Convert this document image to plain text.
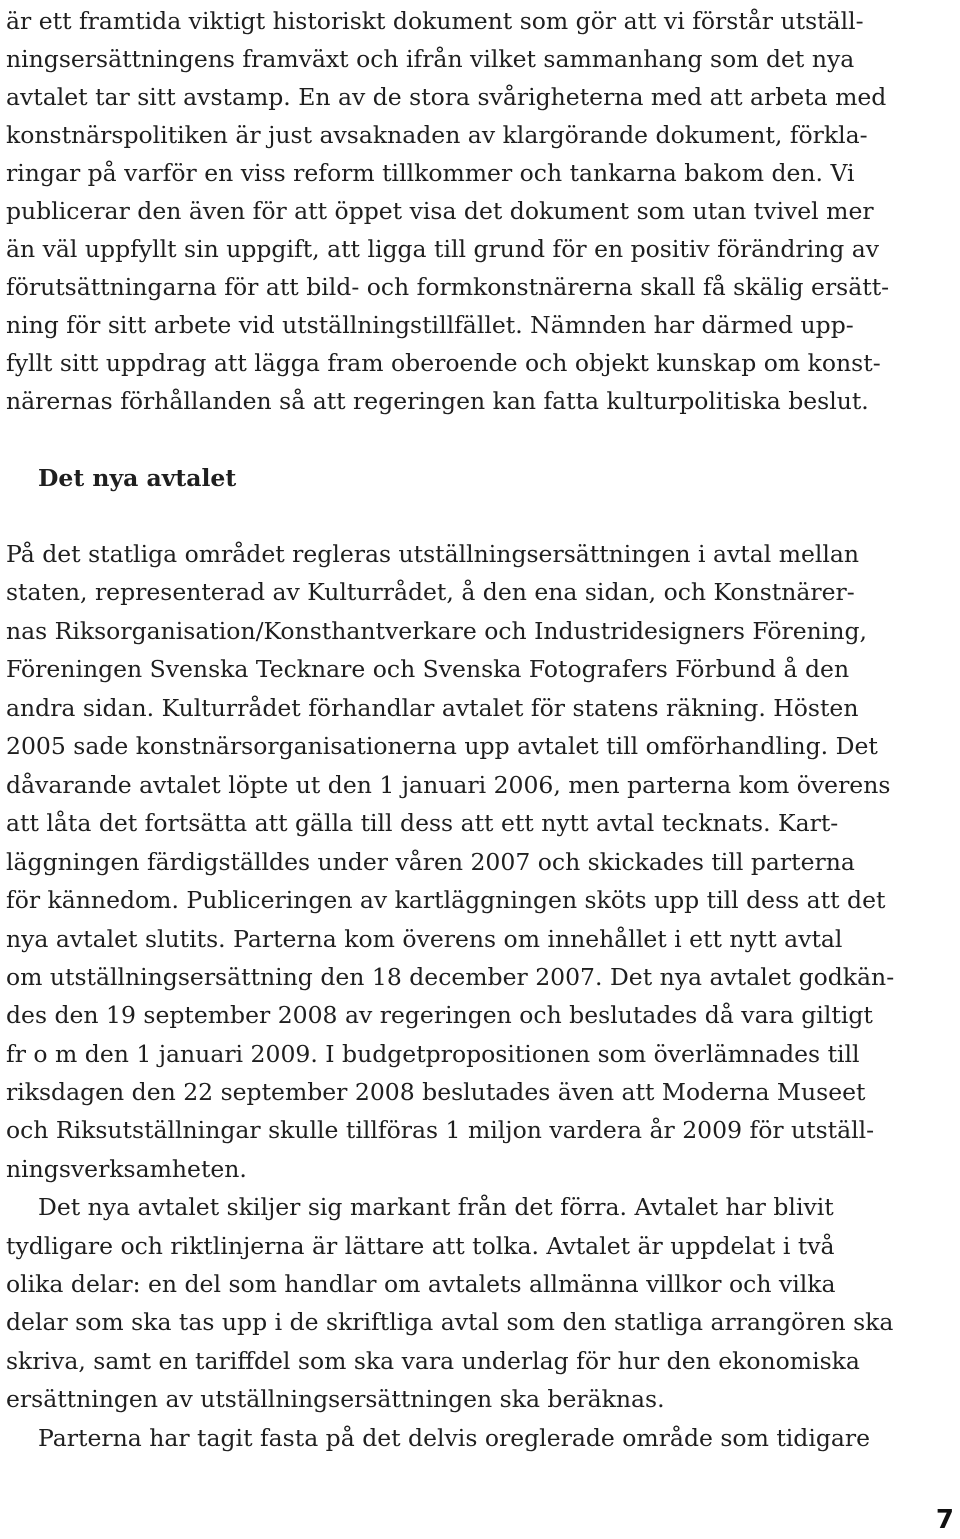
är ett framtida viktigt historiskt dokument som gör att vi förstår utställ-
ningsersättningens framväxt och ifrån vilket sammanhang som det nya
avtalet tar sitt avstamp. En av de stora svårigheterna med att arbeta med
konstnärspolitiken är just avsaknaden av klargörande dokument, förkla-
ringar på varför en viss reform tillkommer och tankarna bakom den. Vi
publicerar den även för att öppet visa det dokument som utan tvivel mer
än väl uppfyllt sin uppgift, att ligga till grund för en positiv förändring av
förutsättningarna för att bild- och formkonstnärerna skall få skälig ersätt-
ning för sitt arbete vid utställningstillfället. Nämnden har därmed upp-
fyllt sitt uppdrag att lägga fram oberoende och objekt kunskap om konst-
närernas förhållanden så att regeringen kan fatta kulturpolitiska beslut.
Det nya avtalet
På det statliga området regleras utställningsersättningen i avtal mellan
staten, representerad av Kulturrådet, å den ena sidan, och Konstnärer-
nas Riksorganisation/Konsthantverkare och Industridesigners Förening,
Föreningen Svenska Tecknare och Svenska Fotografers Förbund å den
andra sidan. Kulturrådet förhandlar avtalet för statens räkning. Hösten
2005 sade konstnärsorganisationerna upp avtalet till omförhandling. Det
dåvarande avtalet löpte ut den 1 januari 2006, men parterna kom överens
att låta det fortsätta att gälla till dess att ett nytt avtal tecknats. Kart-
läggningen färdigställdes under våren 2007 och skickades till parterna
för kännedom. Publiceringen av kartläggningen sköts upp till dess att det
nya avtalet slutits. Parterna kom överens om innehållet i ett nytt avtal
om utställningsersättning den 18 december 2007. Det nya avtalet godkän-
des den 19 september 2008 av regeringen och beslutades då vara giltigt
fr o m den 1 januari 2009. I budgetpropositionen som överlämnades till
riksdagen den 22 september 2008 beslutades även att Moderna Museet
och Riksutställningar skulle tillföras 1 miljon vardera år 2009 för utställ-
ningsverksamheten.
Det nya avtalet skiljer sig markant från det förra. Avtalet har blivit
tydligare och riktlinjerna är lättare att tolka. Avtalet är uppdelat i två
olika delar: en del som handlar om avtalets allmänna villkor och vilka
delar som ska tas upp i de skriftliga avtal som den statliga arrangören ska
skriva, samt en tariffdel som ska vara underlag för hur den ekonomiska
ersättningen av utställningsersättningen ska beräknas.
Parterna har tagit fasta på det delvis oreglerade område som tidigare
7
